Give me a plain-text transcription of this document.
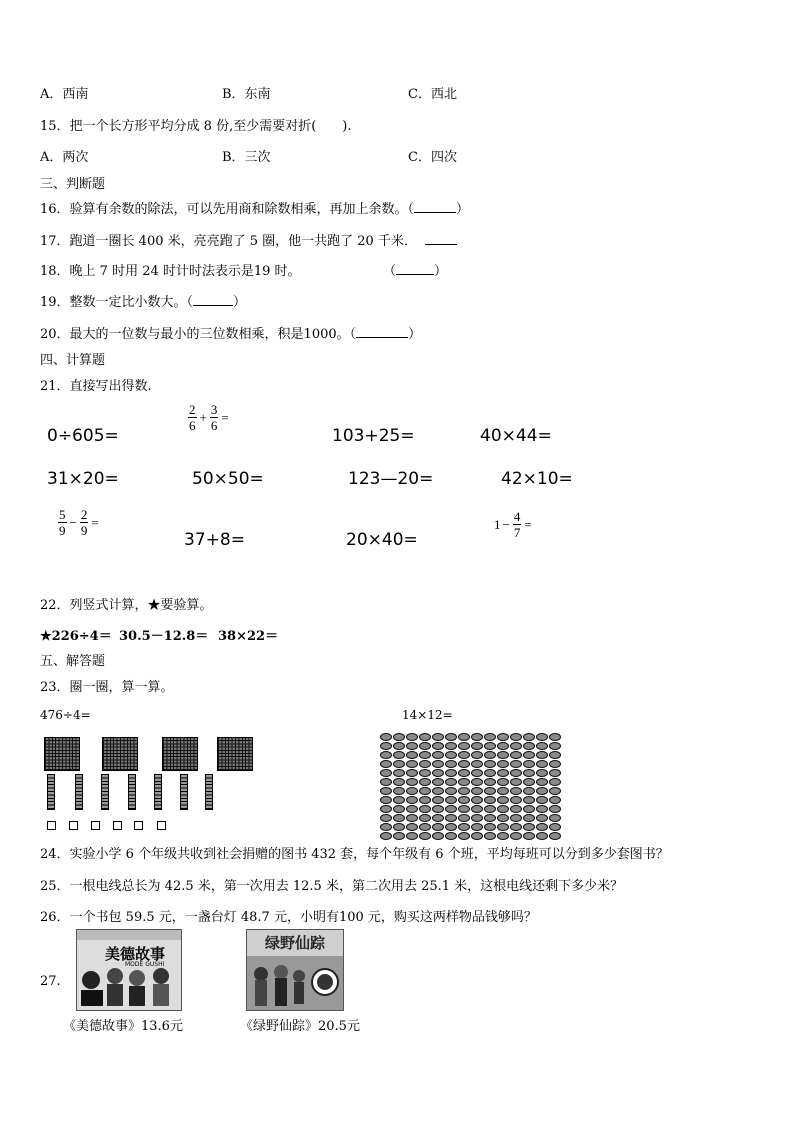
A．西南	B．东南	C．西北
15．把一个长方形平均分成 8 份,至少需要对折(　　).
A．两次	B．三次	C．四次
三、判断题
16．验算有余数的除法，可以先用商和除数相乘，再加上余数。（	）
17．跑道一圈长 400 米，亮亮跑了 5 圈，他一共跑了 20 千米．
18．晚上 7 时用 24 时计时法表示是19 时。	（	）
19．整数一定比小数大。（	）
20．最大的一位数与最小的三位数相乘，积是1000。（	）
四、计算题
21．直接写出得数.
0÷605=
$\frac{2}{6} + \frac{3}{6}$ =
103+25=	40×44=
31×20=	50×50=	123—20=	42×10=
$\frac{5}{9} - \frac{2}{9}$ =
37+8=	20×40=
$1 - \frac{4}{7}$ =
22．列竖式计算，★要验算。
★226÷4＝ 30.5－12.8＝ 38×22＝
五、解答题
23．圈一圈，算一算。
476÷4=	14×12=
24．实验小学 6 个年级共收到社会捐赠的图书 432 套，每个年级有 6 个班，平均每班可以分到多少套图书？
25．一根电线总长为 42.5 米，第一次用去 12.5 米，第二次用去 25.1 米，这根电线还剩下多少米？
26．一个书包 59.5 元，一盏台灯 48.7 元，小明有100 元，购买这两样物品钱够吗？
27.
美德故事
MODE GUSHI
《美德故事》13.6元
绿野仙踪
《绿野仙踪》20.5元
